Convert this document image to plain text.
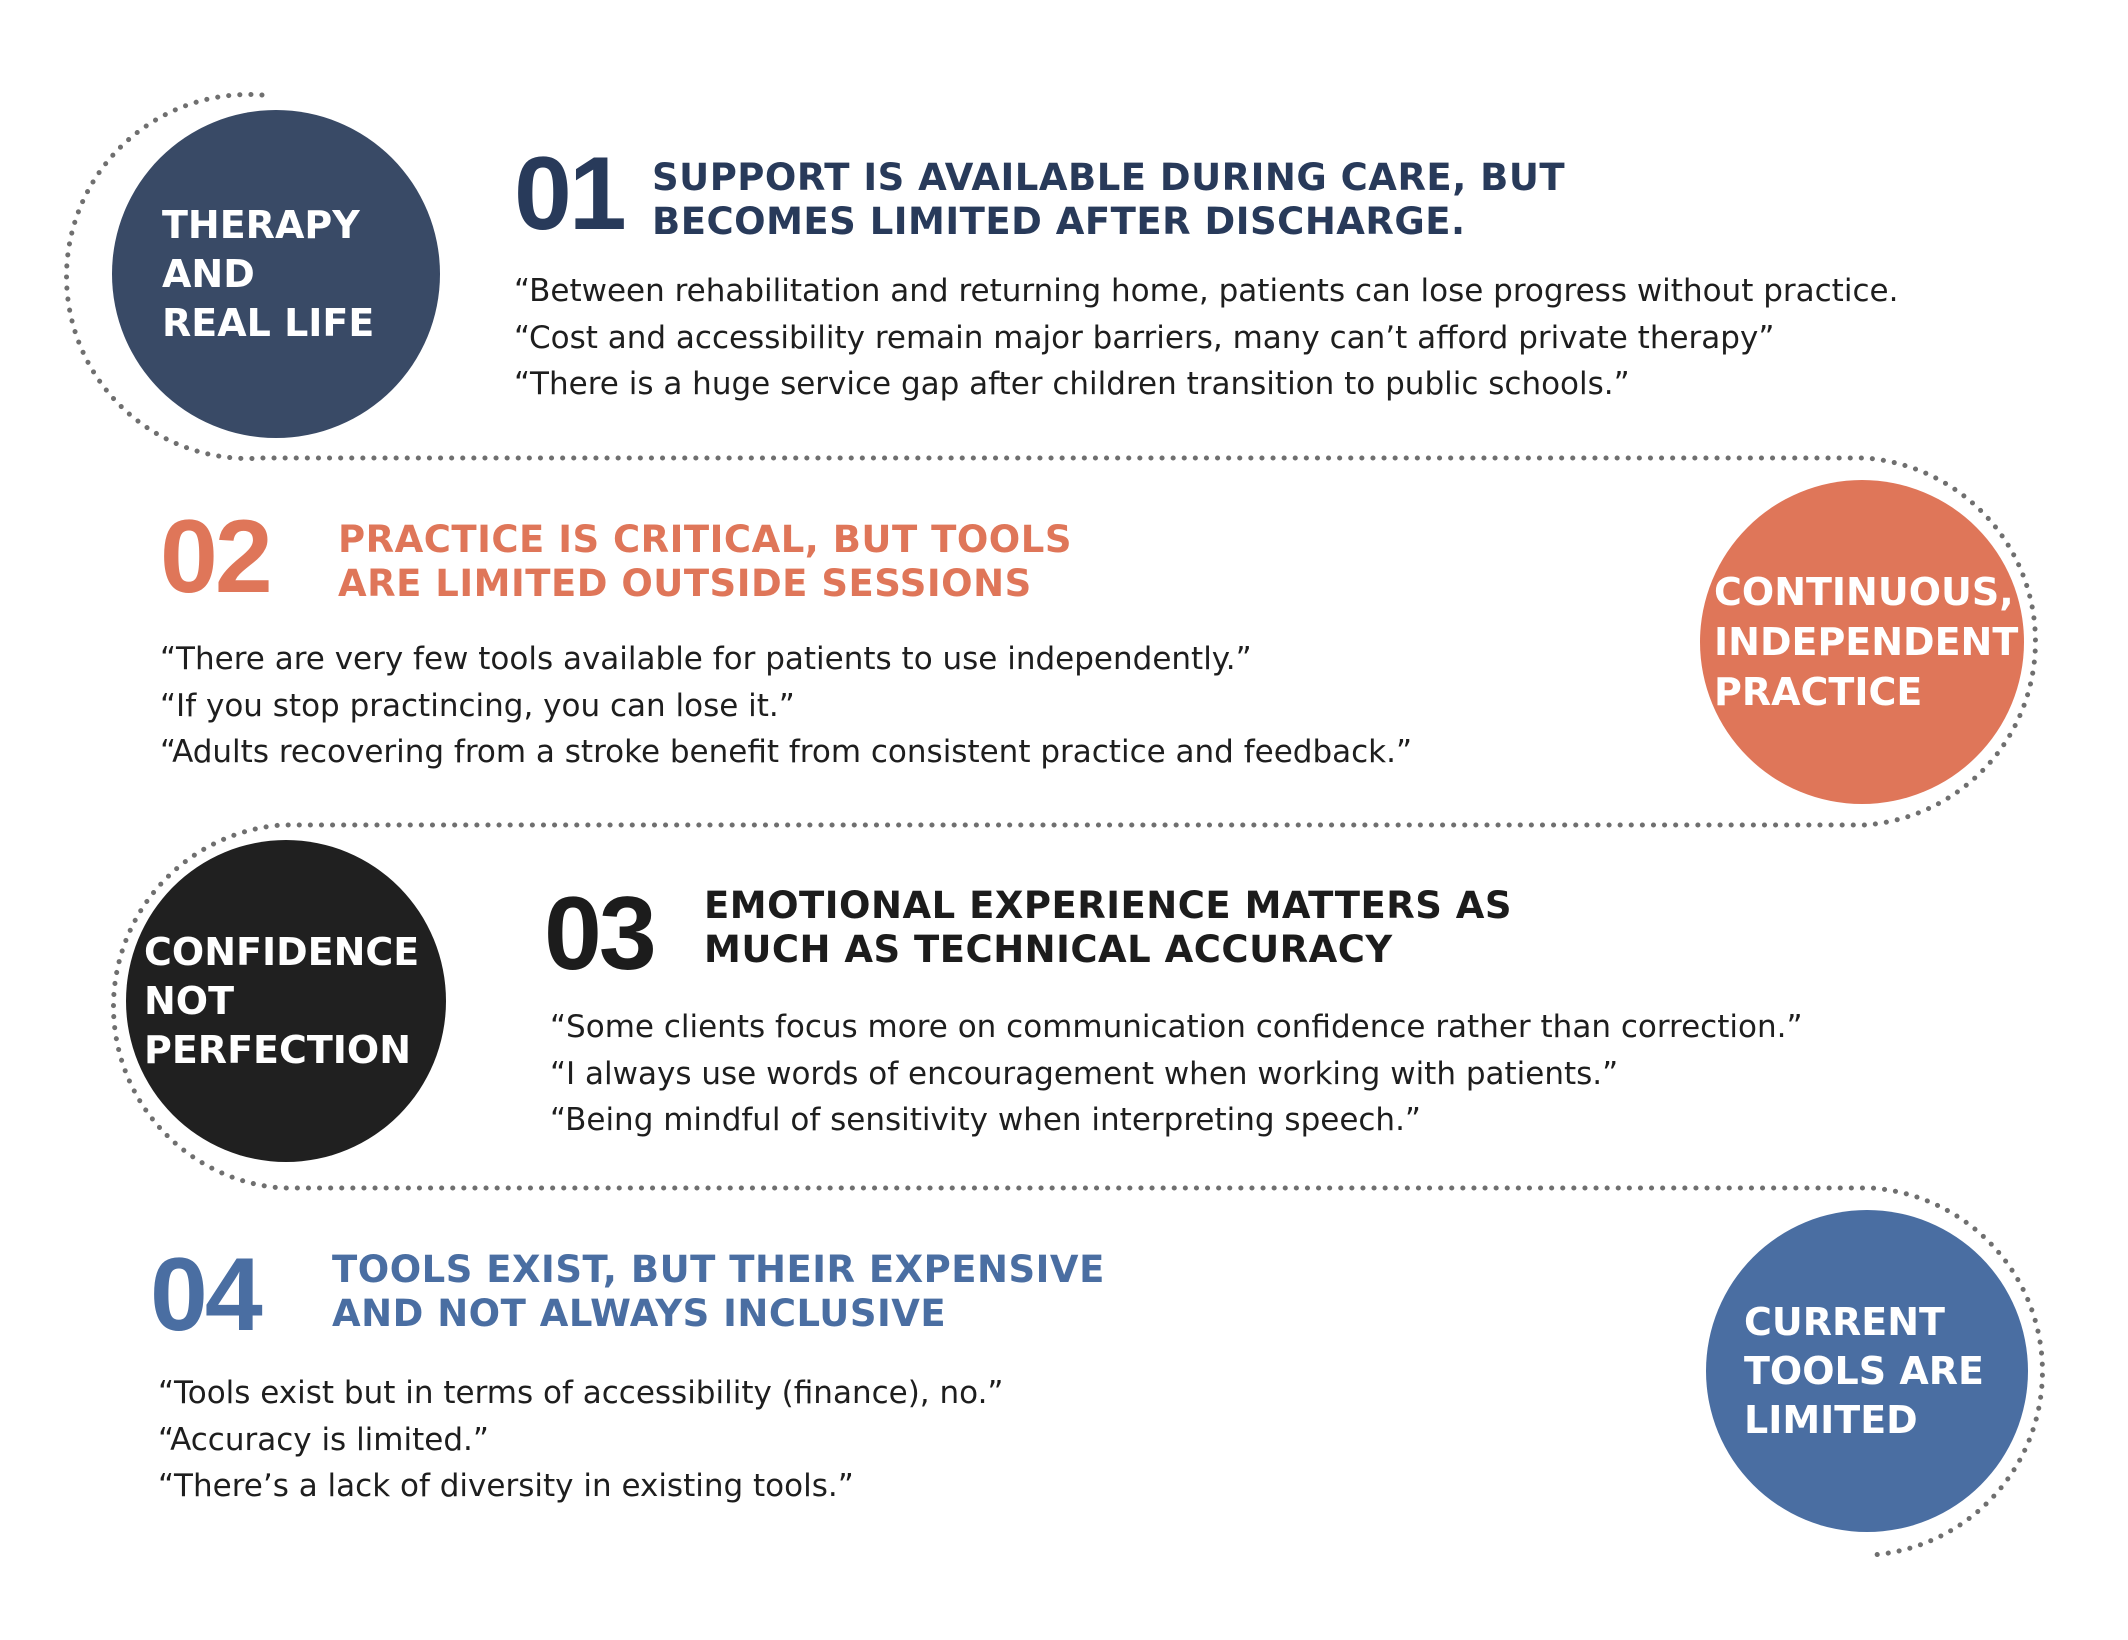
THERAPY
AND
REAL LIFE
01 SUPPORT IS AVAILABLE DURING CARE, BUT
BECOMES LIMITED AFTER DISCHARGE.
“Between rehabilitation and returning home, patients can lose progress without practice.
“Cost and accessibility remain major barriers, many can’t afford private therapy”
“There is a huge service gap after children transition to public schools.”
CONTINUOUS,
INDEPENDENT
PRACTICE
02 PRACTICE IS CRITICAL, BUT TOOLS
ARE LIMITED OUTSIDE SESSIONS
“There are very few tools available for patients to use independently.”
“If you stop practincing, you can lose it.”
“Adults recovering from a stroke benefit from consistent practice and feedback.”
CONFIDENCE
NOT
PERFECTION
03 EMOTIONAL EXPERIENCE MATTERS AS
MUCH AS TECHNICAL ACCURACY
“Some clients focus more on communication confidence rather than correction.”
“I always use words of encouragement when working with patients.”
“Being mindful of sensitivity when interpreting speech.”
CURRENT
TOOLS ARE
LIMITED
04 TOOLS EXIST, BUT THEIR EXPENSIVE
AND NOT ALWAYS INCLUSIVE
“Tools exist but in terms of accessibility (finance), no.”
“Accuracy is limited.”
“There’s a lack of diversity in existing tools.”
